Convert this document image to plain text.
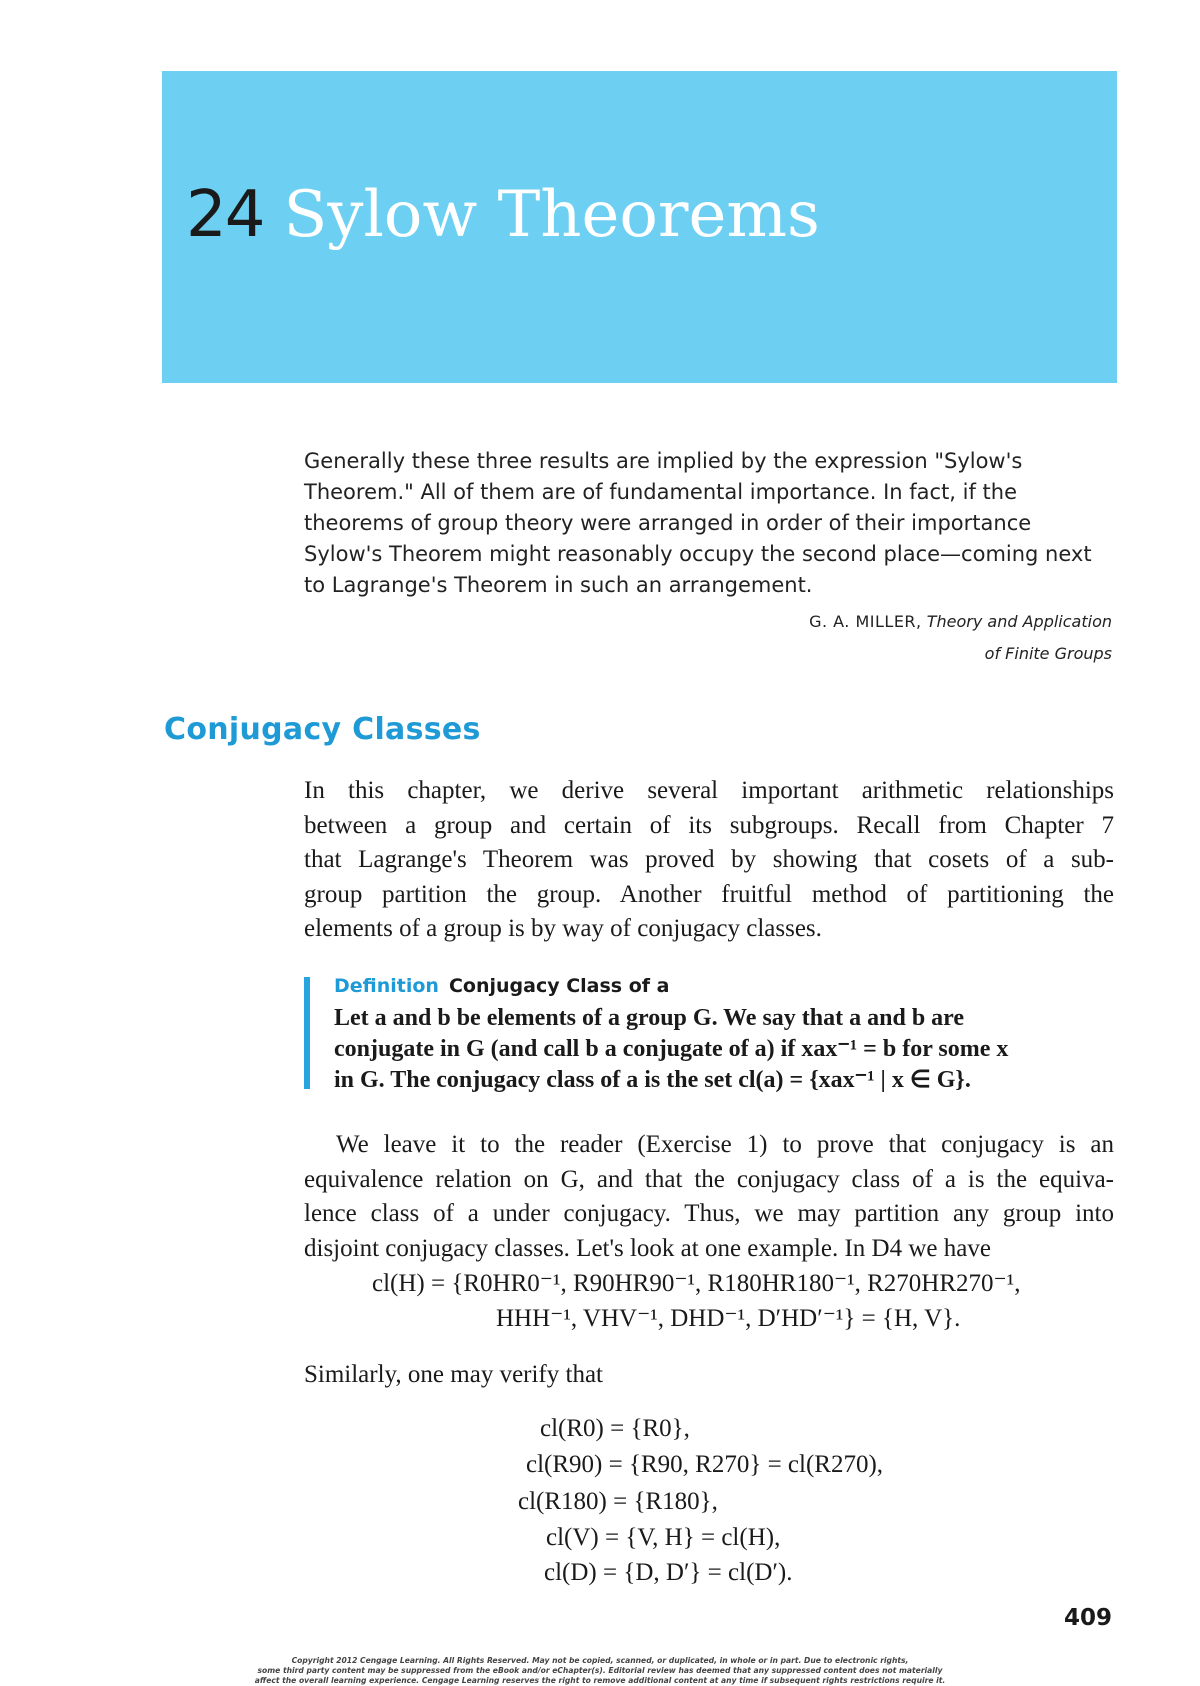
24 Sylow Theorems
Generally these three results are implied by the expression "Sylow's
Theorem." All of them are of fundamental importance. In fact, if the
theorems of group theory were arranged in order of their importance
Sylow's Theorem might reasonably occupy the second place—coming next
to Lagrange's Theorem in such an arrangement.
G. A. MILLER, Theory and Application
of Finite Groups
Conjugacy Classes
In this chapter, we derive several important arithmetic relationships
between a group and certain of its subgroups. Recall from Chapter 7
that Lagrange's Theorem was proved by showing that cosets of a sub-
group partition the group. Another fruitful method of partitioning the
elements of a group is by way of conjugacy classes.
Definition Conjugacy Class of a
Let a and b be elements of a group G. We say that a and b are
conjugate in G (and call b a conjugate of a) if xax⁻¹ = b for some x
in G. The conjugacy class of a is the set cl(a) = {xax⁻¹ | x ∈ G}.
We leave it to the reader (Exercise 1) to prove that conjugacy is an
equivalence relation on G, and that the conjugacy class of a is the equiva-
lence class of a under conjugacy. Thus, we may partition any group into
disjoint conjugacy classes. Let's look at one example. In D4 we have
cl(H) = {R0HR0⁻¹, R90HR90⁻¹, R180HR180⁻¹, R270HR270⁻¹,
HHH⁻¹, VHV⁻¹, DHD⁻¹, D′HD′⁻¹} = {H, V}.
Similarly, one may verify that
cl(R0) = {R0},
cl(R90) = {R90, R270} = cl(R270),
cl(R180) = {R180},
cl(V) = {V, H} = cl(H),
cl(D) = {D, D′} = cl(D′).
409
Copyright 2012 Cengage Learning. All Rights Reserved. May not be copied, scanned, or duplicated, in whole or in part. Due to electronic rights,
some third party content may be suppressed from the eBook and/or eChapter(s). Editorial review has deemed that any suppressed content does not materially
affect the overall learning experience. Cengage Learning reserves the right to remove additional content at any time if subsequent rights restrictions require it.
